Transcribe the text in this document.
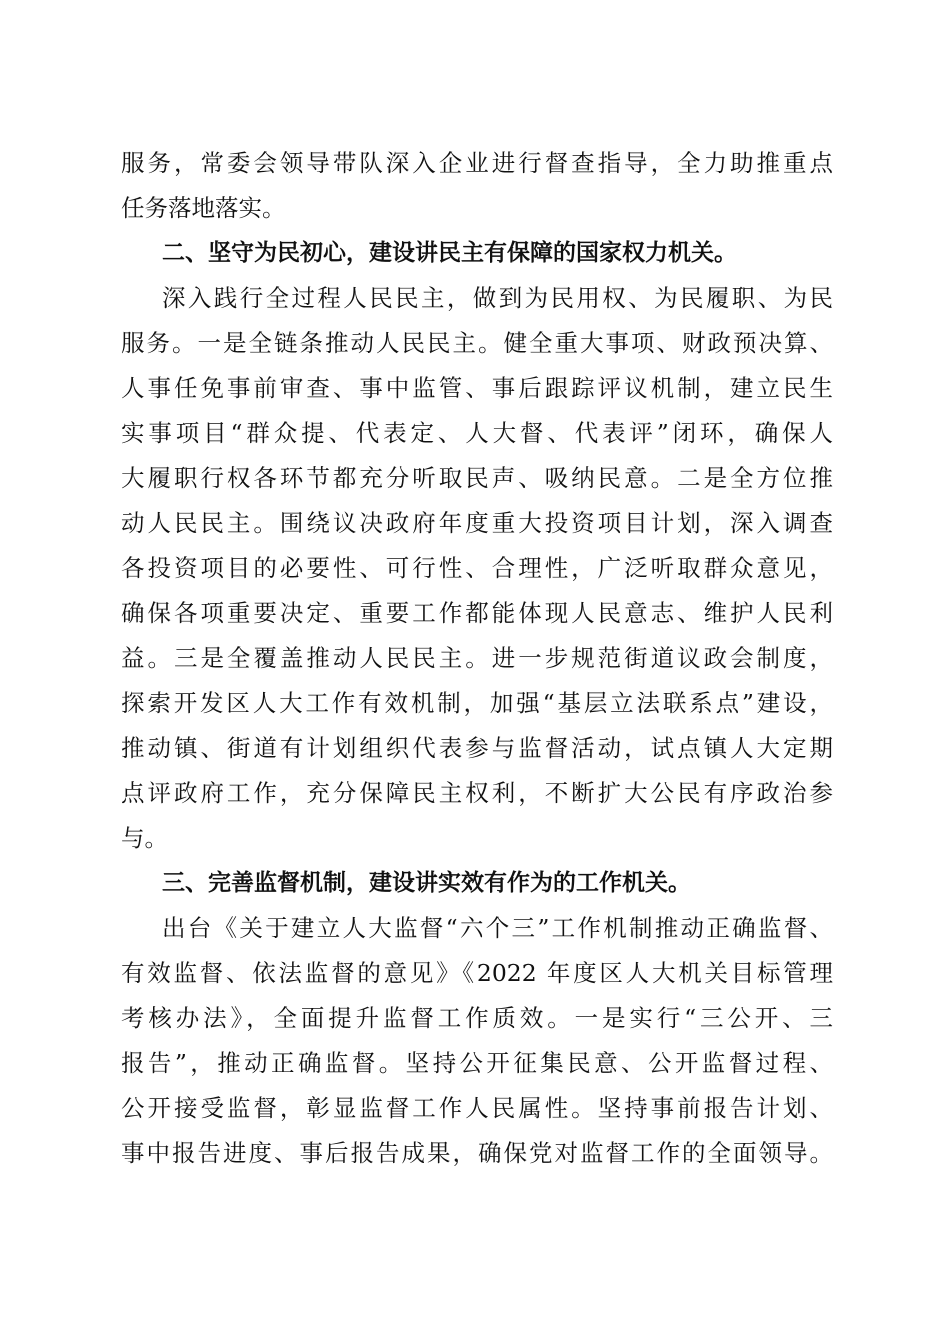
服务，常委会领导带队深入企业进行督查指导，全力助推重点
任务落地落实。
二、坚守为民初心，建设讲民主有保障的国家权力机关。
深入践行全过程人民民主，做到为民用权、为民履职、为民
服务。一是全链条推动人民民主。健全重大事项、财政预决算、
人事任免事前审查、事中监管、事后跟踪评议机制，建立民生
实事项目“群众提、代表定、人大督、代表评”闭环，确保人
大履职行权各环节都充分听取民声、吸纳民意。二是全方位推
动人民民主。围绕议决政府年度重大投资项目计划，深入调查
各投资项目的必要性、可行性、合理性，广泛听取群众意见，
确保各项重要决定、重要工作都能体现人民意志、维护人民利
益。三是全覆盖推动人民民主。进一步规范街道议政会制度，
探索开发区人大工作有效机制，加强“基层立法联系点”建设，
推动镇、街道有计划组织代表参与监督活动，试点镇人大定期
点评政府工作，充分保障民主权利，不断扩大公民有序政治参
与。
三、完善监督机制，建设讲实效有作为的工作机关。
出台《关于建立人大监督“六个三”工作机制推动正确监督、
有效监督、依法监督的意见》《2022 年度区人大机关目标管理
考核办法》，全面提升监督工作质效。一是实行“三公开、三
报告”，推动正确监督。坚持公开征集民意、公开监督过程、
公开接受监督，彰显监督工作人民属性。坚持事前报告计划、
事中报告进度、事后报告成果，确保党对监督工作的全面领导。
